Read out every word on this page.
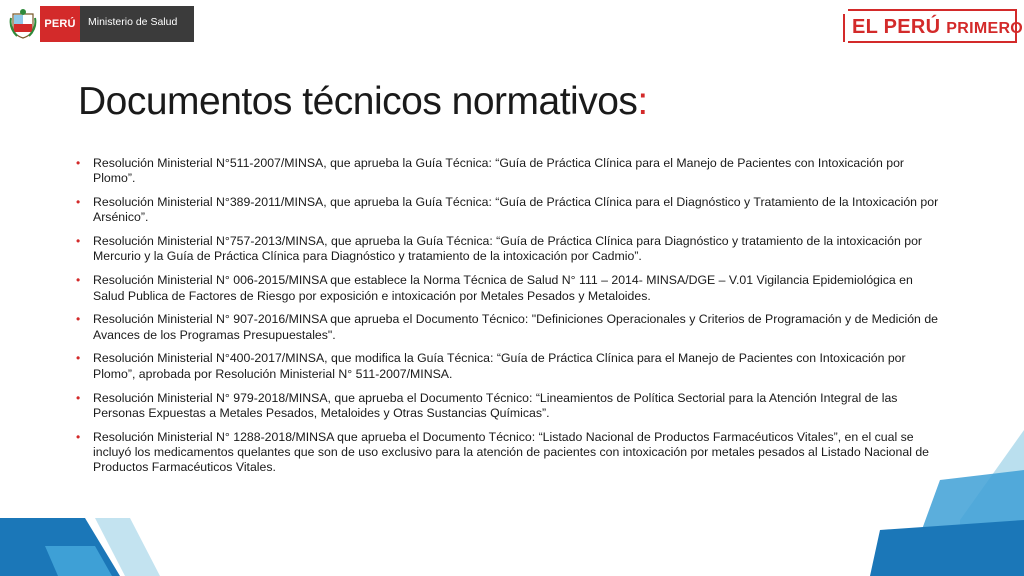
PERÚ	Ministerio de Salud	EL PERÚ PRIMERO
Documentos técnicos normativos:
• Resolución Ministerial N°511-2007/MINSA, que aprueba la Guía Técnica: “Guía de Práctica Clínica para el Manejo de Pacientes con Intoxicación por Plomo”.
• Resolución Ministerial N°389-2011/MINSA, que aprueba la Guía Técnica: “Guía de Práctica Clínica para el Diagnóstico y Tratamiento de la Intoxicación por Arsénico”.
• Resolución Ministerial N°757-2013/MINSA, que aprueba la Guía Técnica: “Guía de Práctica Clínica para Diagnóstico y tratamiento de la intoxicación por Mercurio y la Guía de Práctica Clínica para Diagnóstico y tratamiento de la intoxicación por Cadmio”.
• Resolución Ministerial N° 006-2015/MINSA que establece la Norma Técnica de Salud N° 111 – 2014- MINSA/DGE – V.01 Vigilancia Epidemiológica en Salud Publica de Factores de Riesgo por exposición e intoxicación por Metales Pesados y Metaloides.
• Resolución Ministerial N° 907-2016/MINSA que aprueba el Documento Técnico: "Definiciones Operacionales y Criterios de Programación y de Medición de Avances de los Programas Presupuestales".
• Resolución Ministerial N°400-2017/MINSA, que modifica la Guía Técnica: “Guía de Práctica Clínica para el Manejo de Pacientes con Intoxicación por Plomo”, aprobada por Resolución Ministerial N° 511-2007/MINSA.
• Resolución Ministerial N° 979-2018/MINSA, que aprueba el Documento Técnico: “Lineamientos de Política Sectorial para la Atención Integral de las Personas Expuestas a Metales Pesados, Metaloides y Otras Sustancias Químicas”.
• Resolución Ministerial N° 1288-2018/MINSA que aprueba el Documento Técnico: “Listado Nacional de Productos Farmacéuticos Vitales”, en el cual se incluyó los medicamentos quelantes que son de uso exclusivo para la atención de pacientes con intoxicación por metales pesados al Listado Nacional de Productos Farmacéuticos Vitales.
